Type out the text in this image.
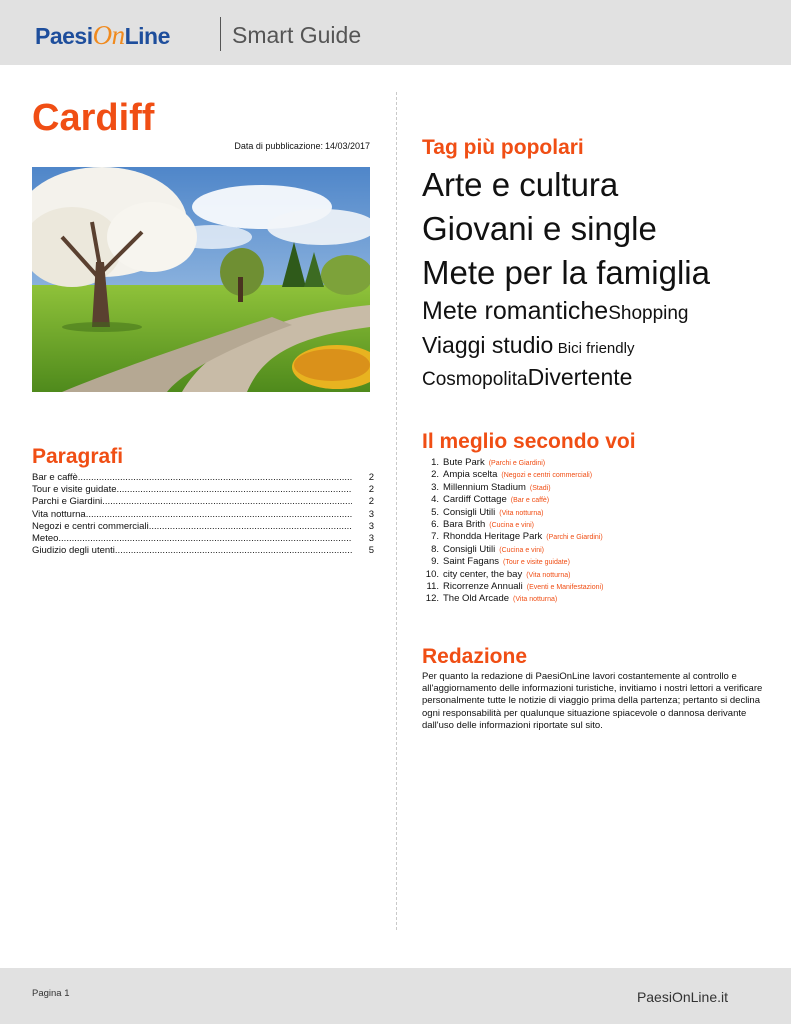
PaesiOnLine	Smart Guide
Cardiff
Data di pubblicazione: 14/03/2017
Paragrafi
Bar e caffè .....	2
Tour e visite guidate .....	2
Parchi e Giardini .....	2
Vita notturna .....	3
Negozi e centri commerciali .....	3
Meteo .....	3
Giudizio degli utenti .....	5
Tag più popolari
Arte e cultura
Giovani e single
Mete per la famiglia
Mete romanticheShopping
Viaggi studio Bici friendly
CosmopolitaDivertente
Il meglio secondo voi
1. Bute Park (Parchi e Giardini)
2. Ampia scelta (Negozi e centri commerciali)
3. Millennium Stadium (Stadi)
4. Cardiff Cottage (Bar e caffè)
5. Consigli Utili (Vita notturna)
6. Bara Brith (Cucina e vini)
7. Rhondda Heritage Park (Parchi e Giardini)
8. Consigli Utili (Cucina e vini)
9. Saint Fagans (Tour e visite guidate)
10. city center, the bay (Vita notturna)
11. Ricorrenze Annuali (Eventi e Manifestazioni)
12. The Old Arcade (Vita notturna)
Redazione
Per quanto la redazione di PaesiOnLine lavori costantemente al controllo e all'aggiornamento delle informazioni turistiche, invitiamo i nostri lettori a verificare personalmente tutte le notizie di viaggio prima della partenza; pertanto si declina ogni responsabilità per qualunque situazione spiacevole o dannosa derivante dall'uso delle informazioni riportate sul sito.
Pagina 1	PaesiOnLine.it
